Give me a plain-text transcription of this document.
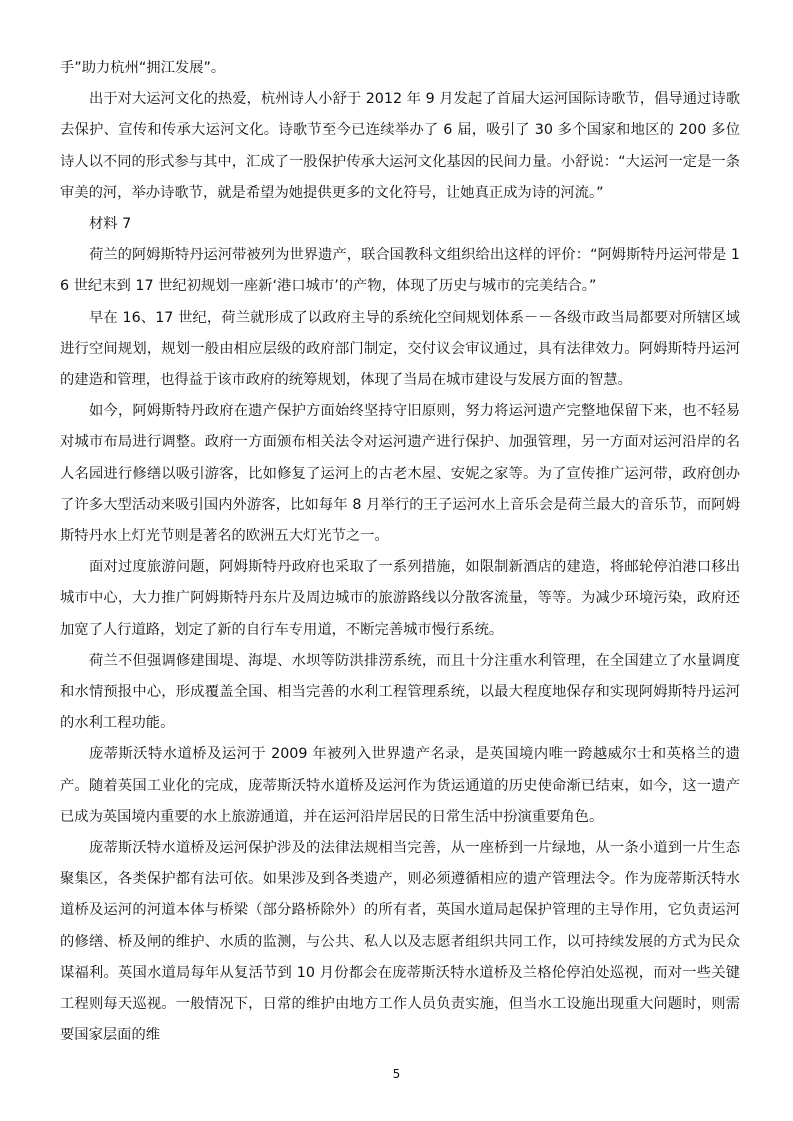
手”助力杭州“拥江发展”。

出于对大运河文化的热爱，杭州诗人小舒于 2012 年 9 月发起了首届大运河国际诗歌节，倡导通过诗歌去保护、宣传和传承大运河文化。诗歌节至今已连续举办了 6 届，吸引了 30 多个国家和地区的 200 多位诗人以不同的形式参与其中，汇成了一股保护传承大运河文化基因的民间力量。小舒说：“大运河一定是一条审美的河，举办诗歌节，就是希望为她提供更多的文化符号，让她真正成为诗的河流。”

材料 7

荷兰的阿姆斯特丹运河带被列为世界遗产，联合国教科文组织给出这样的评价：“阿姆斯特丹运河带是 16 世纪末到 17 世纪初规划一座新‘港口城市’的产物，体现了历史与城市的完美结合。”

早在 16、17 世纪，荷兰就形成了以政府主导的系统化空间规划体系－－各级市政当局都要对所辖区域进行空间规划，规划一般由相应层级的政府部门制定，交付议会审议通过，具有法律效力。阿姆斯特丹运河的建造和管理，也得益于该市政府的统筹规划，体现了当局在城市建设与发展方面的智慧。

如今，阿姆斯特丹政府在遗产保护方面始终坚持守旧原则，努力将运河遗产完整地保留下来，也不轻易对城市布局进行调整。政府一方面颁布相关法令对运河遗产进行保护、加强管理，另一方面对运河沿岸的名人名园进行修缮以吸引游客，比如修复了运河上的古老木屋、安妮之家等。为了宣传推广运河带，政府创办了许多大型活动来吸引国内外游客，比如每年 8 月举行的王子运河水上音乐会是荷兰最大的音乐节，而阿姆斯特丹水上灯光节则是著名的欧洲五大灯光节之一。

面对过度旅游问题，阿姆斯特丹政府也采取了一系列措施，如限制新酒店的建造，将邮轮停泊港口移出城市中心，大力推广阿姆斯特丹东片及周边城市的旅游路线以分散客流量，等等。为减少环境污染，政府还加宽了人行道路，划定了新的自行车专用道，不断完善城市慢行系统。

荷兰不但强调修建围堤、海堤、水坝等防洪排涝系统，而且十分注重水利管理，在全国建立了水量调度和水情预报中心，形成覆盖全国、相当完善的水利工程管理系统，以最大程度地保存和实现阿姆斯特丹运河的水利工程功能。

庞蒂斯沃特水道桥及运河于 2009 年被列入世界遗产名录，是英国境内唯一跨越威尔士和英格兰的遗产。随着英国工业化的完成，庞蒂斯沃特水道桥及运河作为货运通道的历史使命渐已结束，如今，这一遗产已成为英国境内重要的水上旅游通道，并在运河沿岸居民的日常生活中扮演重要角色。

庞蒂斯沃特水道桥及运河保护涉及的法律法规相当完善，从一座桥到一片绿地，从一条小道到一片生态聚集区，各类保护都有法可依。如果涉及到各类遗产，则必须遵循相应的遗产管理法令。作为庞蒂斯沃特水道桥及运河的河道本体与桥梁（部分路桥除外）的所有者，英国水道局起保护管理的主导作用，它负责运河的修缮、桥及闸的维护、水质的监测，与公共、私人以及志愿者组织共同工作，以可持续发展的方式为民众谋福利。英国水道局每年从复活节到 10 月份都会在庞蒂斯沃特水道桥及兰格伦停泊处巡视，而对一些关键工程则每天巡视。一般情况下，日常的维护由地方工作人员负责实施，但当水工设施出现重大问题时，则需要国家层面的维

5
